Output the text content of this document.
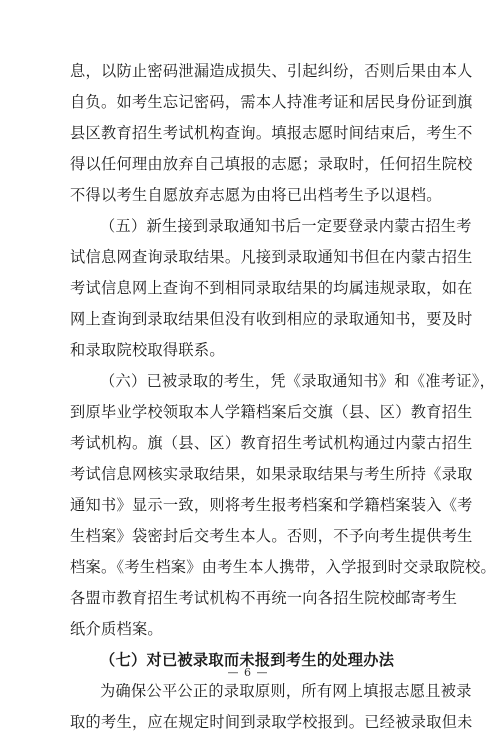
息，以防止密码泄漏造成损失、引起纠纷，否则后果由本人
自负。如考生忘记密码，需本人持准考证和居民身份证到旗
县区教育招生考试机构查询。填报志愿时间结束后，考生不
得以任何理由放弃自己填报的志愿；录取时，任何招生院校
不得以考生自愿放弃志愿为由将已出档考生予以退档。
（五）新生接到录取通知书后一定要登录内蒙古招生考
试信息网查询录取结果。凡接到录取通知书但在内蒙古招生
考试信息网上查询不到相同录取结果的均属违规录取，如在
网上查询到录取结果但没有收到相应的录取通知书，要及时
和录取院校取得联系。
（六）已被录取的考生，凭《录取通知书》和《准考证》，
到原毕业学校领取本人学籍档案后交旗（县、区）教育招生
考试机构。旗（县、区）教育招生考试机构通过内蒙古招生
考试信息网核实录取结果，如果录取结果与考生所持《录取
通知书》显示一致，则将考生报考档案和学籍档案装入《考
生档案》袋密封后交考生本人。否则，不予向考生提供考生
档案。《考生档案》由考生本人携带，入学报到时交录取院校。
各盟市教育招生考试机构不再统一向各招生院校邮寄考生
纸介质档案。
（七）对已被录取而未报到考生的处理办法
为确保公平公正的录取原则，所有网上填报志愿且被录
取的考生，应在规定时间到录取学校报到。已经被录取但未
— 6 —
